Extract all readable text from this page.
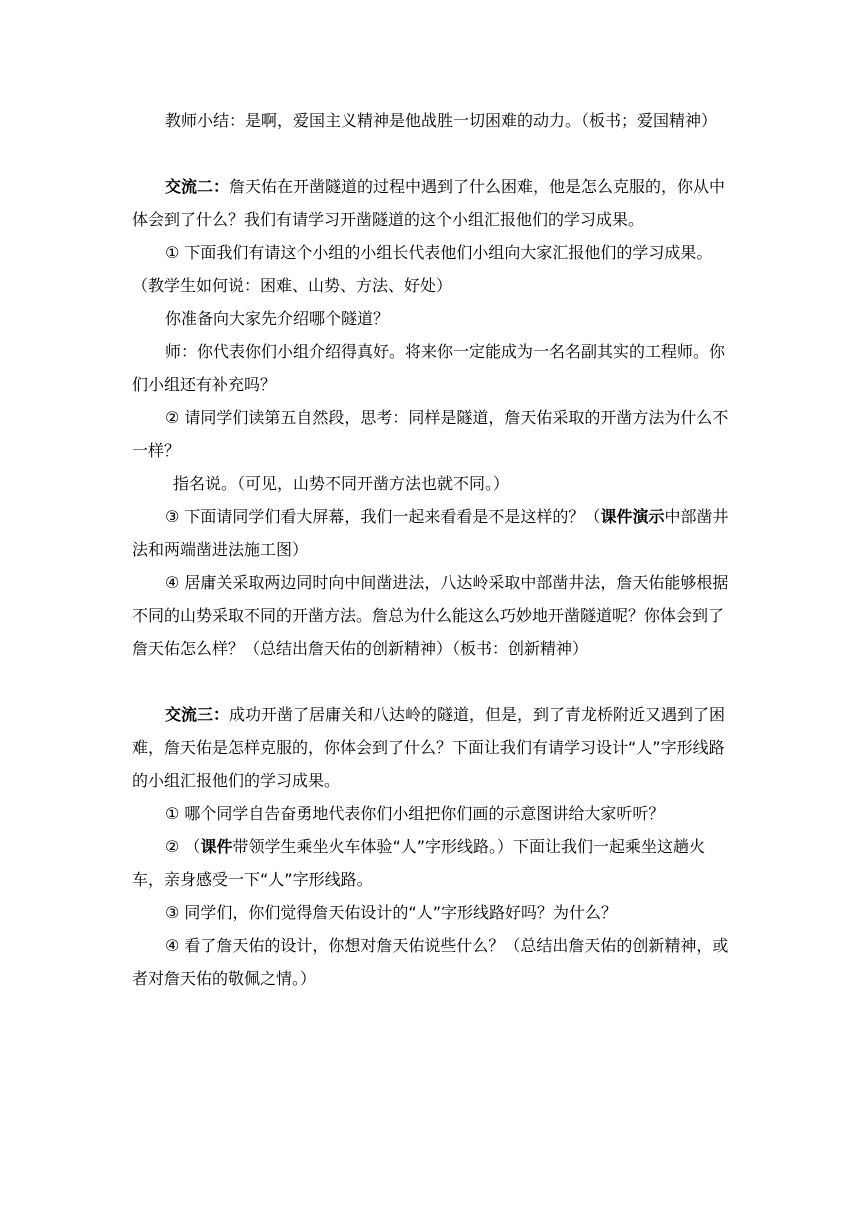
教师小结：是啊，爱国主义精神是他战胜一切困难的动力。（板书；爱国精神）

交流二：詹天佑在开凿隧道的过程中遇到了什么困难，他是怎么克服的，你从中体会到了什么？我们有请学习开凿隧道的这个小组汇报他们的学习成果。

① 下面我们有请这个小组的小组长代表他们小组向大家汇报他们的学习成果。（教学生如何说：困难、山势、方法、好处）

你准备向大家先介绍哪个隧道？

师：你代表你们小组介绍得真好。将来你一定能成为一名名副其实的工程师。你们小组还有补充吗？

② 请同学们读第五自然段，思考：同样是隧道，詹天佑采取的开凿方法为什么不一样？

指名说。（可见，山势不同开凿方法也就不同。）

③ 下面请同学们看大屏幕，我们一起来看看是不是这样的？（课件演示中部凿井法和两端凿进法施工图）

④ 居庸关采取两边同时向中间凿进法，八达岭采取中部凿井法，詹天佑能够根据不同的山势采取不同的开凿方法。詹总为什么能这么巧妙地开凿隧道呢？你体会到了詹天佑怎么样？（总结出詹天佑的创新精神）（板书：创新精神）

交流三：成功开凿了居庸关和八达岭的隧道，但是，到了青龙桥附近又遇到了困难，詹天佑是怎样克服的，你体会到了什么？下面让我们有请学习设计“人”字形线路的小组汇报他们的学习成果。

① 哪个同学自告奋勇地代表你们小组把你们画的示意图讲给大家听听？

② （课件带领学生乘坐火车体验“人”字形线路。）下面让我们一起乘坐这趟火车，亲身感受一下“人”字形线路。

③ 同学们，你们觉得詹天佑设计的“人”字形线路好吗？为什么？

④ 看了詹天佑的设计，你想对詹天佑说些什么？（总结出詹天佑的创新精神，或者对詹天佑的敬佩之情。）
